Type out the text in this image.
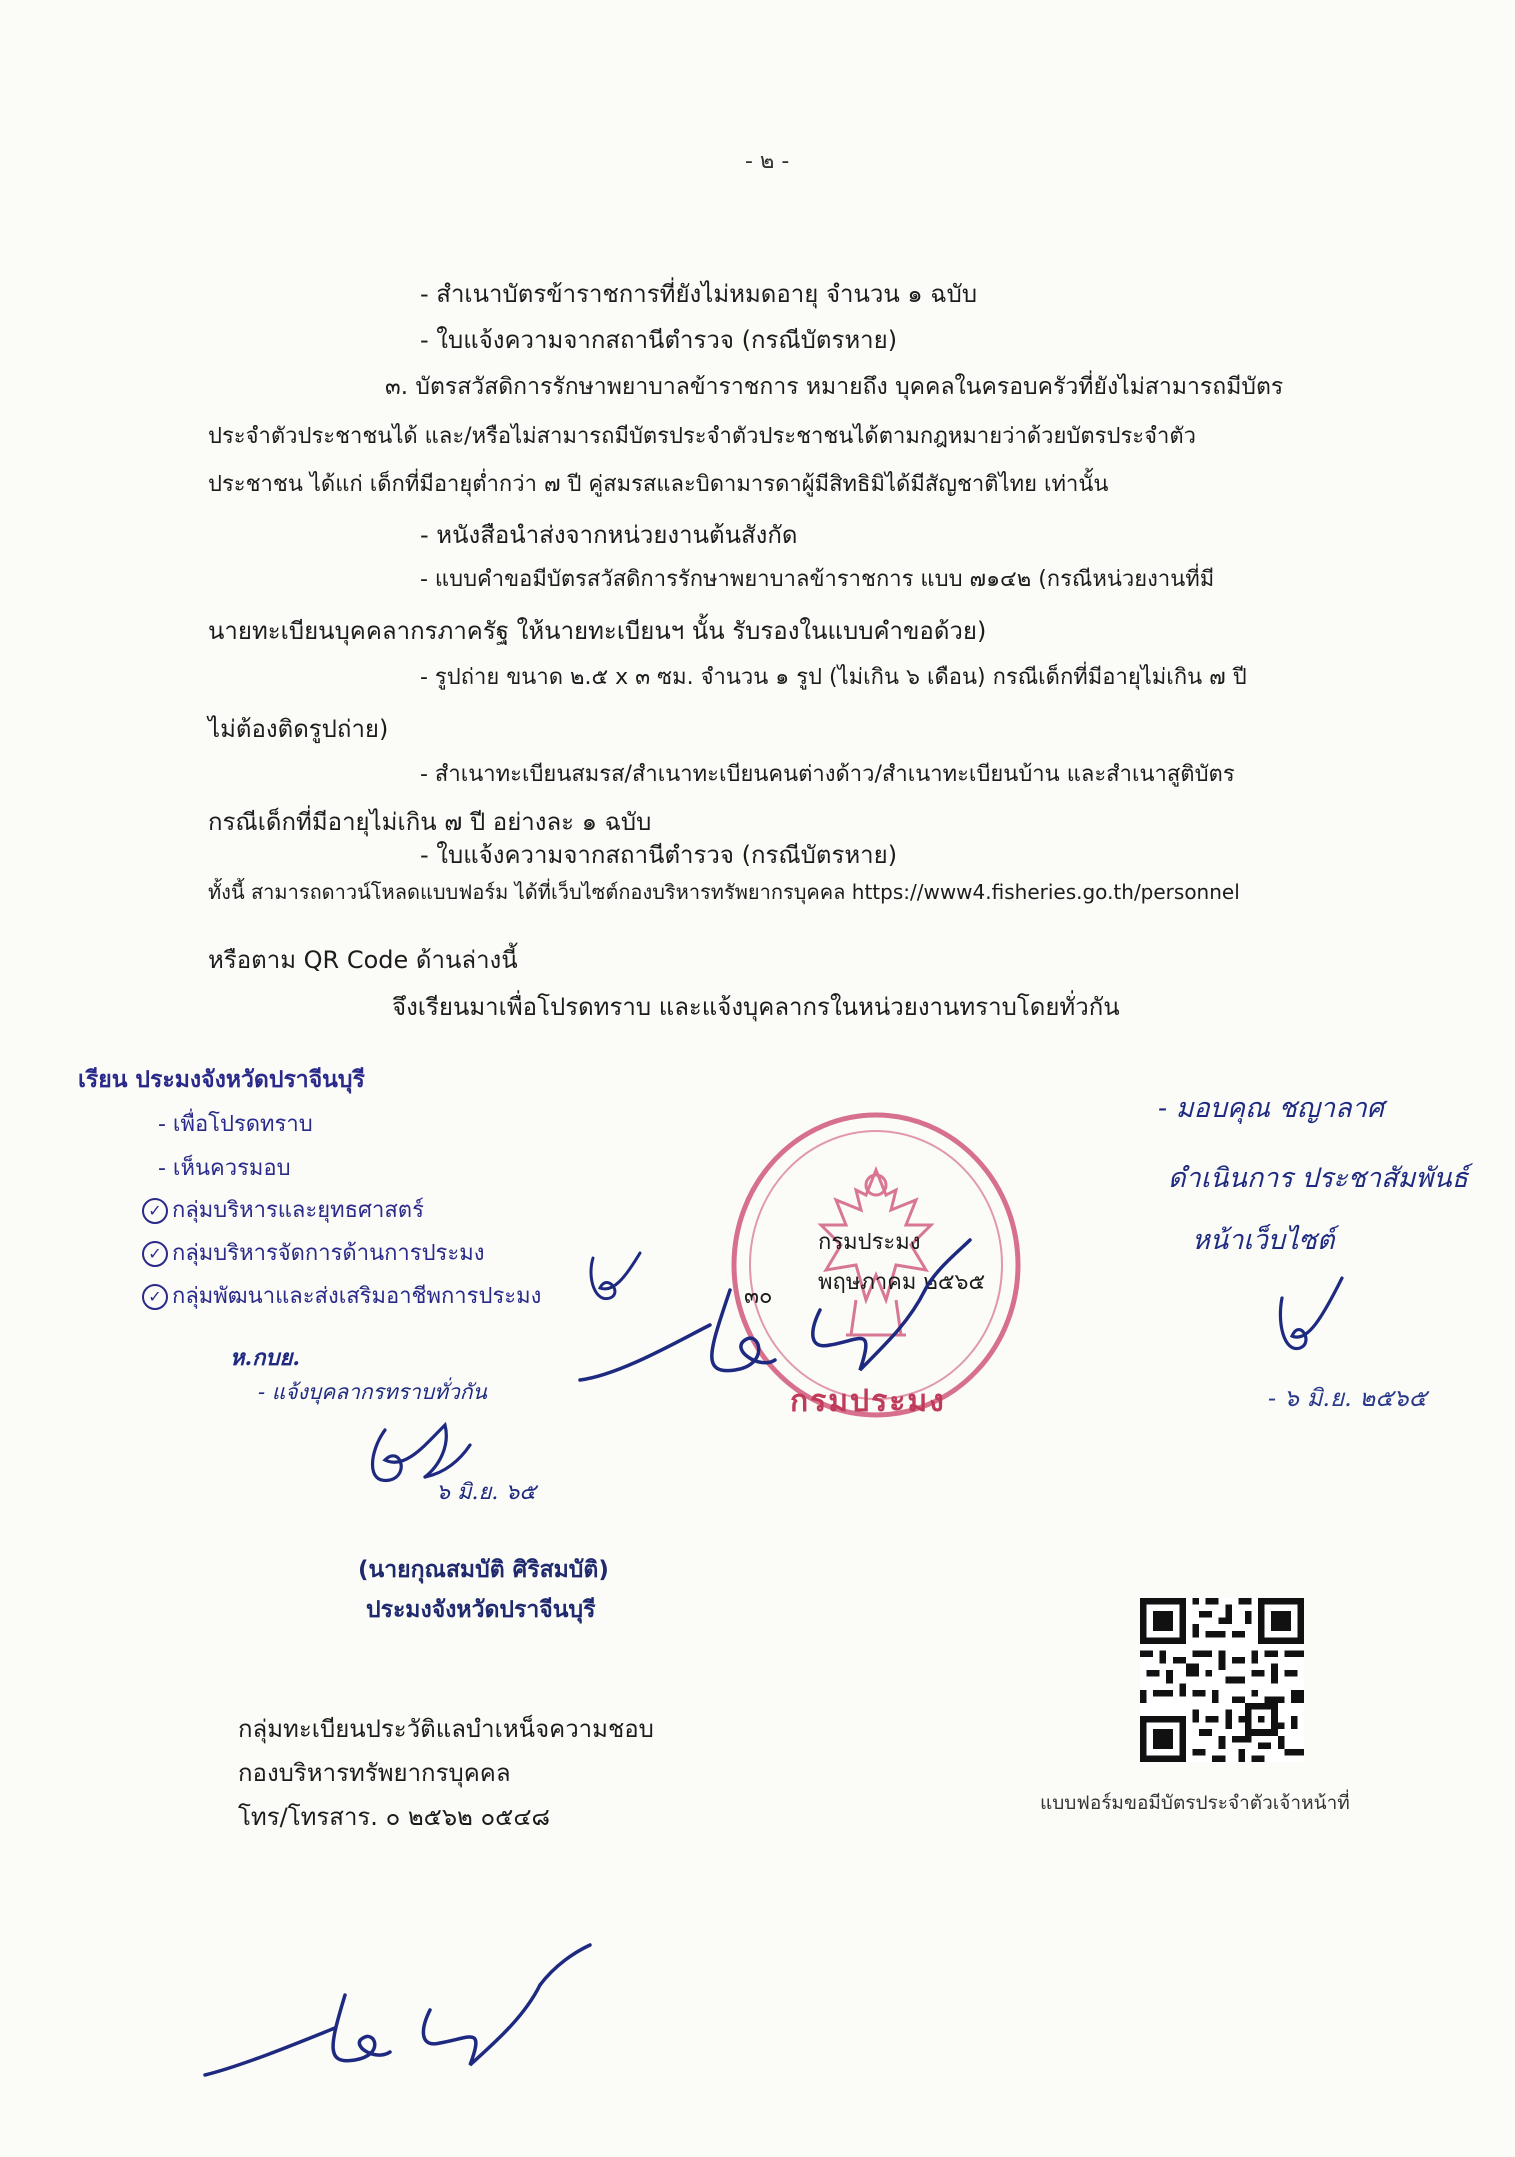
- ๒ -
- สำเนาบัตรข้าราชการที่ยังไม่หมดอายุ จำนวน ๑ ฉบับ
- ใบแจ้งความจากสถานีตำรวจ (กรณีบัตรหาย)
๓. บัตรสวัสดิการรักษาพยาบาลข้าราชการ หมายถึง บุคคลในครอบครัวที่ยังไม่สามารถมีบัตร
ประจำตัวประชาชนได้ และ/หรือไม่สามารถมีบัตรประจำตัวประชาชนได้ตามกฎหมายว่าด้วยบัตรประจำตัว
ประชาชน ได้แก่ เด็กที่มีอายุต่ำกว่า ๗ ปี คู่สมรสและบิดามารดาผู้มีสิทธิมิได้มีสัญชาติไทย เท่านั้น
- หนังสือนำส่งจากหน่วยงานต้นสังกัด
- แบบคำขอมีบัตรสวัสดิการรักษาพยาบาลข้าราชการ แบบ ๗๑๔๒ (กรณีหน่วยงานที่มี
นายทะเบียนบุคคลากรภาครัฐ ให้นายทะเบียนฯ นั้น รับรองในแบบคำขอด้วย)
- รูปถ่าย ขนาด ๒.๕ x ๓ ซม. จำนวน ๑ รูป (ไม่เกิน ๖ เดือน) กรณีเด็กที่มีอายุไม่เกิน ๗ ปี
ไม่ต้องติดรูปถ่าย)
- สำเนาทะเบียนสมรส/สำเนาทะเบียนคนต่างด้าว/สำเนาทะเบียนบ้าน และสำเนาสูติบัตร
กรณีเด็กที่มีอายุไม่เกิน ๗ ปี อย่างละ ๑ ฉบับ
- ใบแจ้งความจากสถานีตำรวจ (กรณีบัตรหาย)
ทั้งนี้ สามารถดาวน์โหลดแบบฟอร์ม ได้ที่เว็บไซต์กองบริหารทรัพยากรบุคคล https://www4.fisheries.go.th/personnel
หรือตาม QR Code ด้านล่างนี้
จึงเรียนมาเพื่อโปรดทราบ และแจ้งบุคลากรในหน่วยงานทราบโดยทั่วกัน
เรียน ประมงจังหวัดปราจีนบุรี
- เพื่อโปรดทราบ
- เห็นควรมอบ
✓ กลุ่มบริหารและยุทธศาสตร์
✓ กลุ่มบริหารจัดการด้านการประมง
✓ กลุ่มพัฒนาและส่งเสริมอาชีพการประมง
ห.กบย.
- แจ้งบุคลากรทราบทั่วกัน
๖ มิ.ย. ๖๕
- มอบคุณ ชญาลาศ
ดำเนินการ ประชาสัมพันธ์
หน้าเว็บไซต์
- ๖ มิ.ย. ๒๕๖๕
กรมประมง
๓๐
พฤษภาคม ๒๕๖๕
กรมประมง
(นายกุณสมบัติ ศิริสมบัติ)
ประมงจังหวัดปราจีนบุรี
กลุ่มทะเบียนประวัติแลบำเหน็จความชอบ
กองบริหารทรัพยากรบุคคล
โทร/โทรสาร. ๐ ๒๕๖๒ ๐๕๔๘	แบบฟอร์มขอมีบัตรประจำตัวเจ้าหน้าที่
